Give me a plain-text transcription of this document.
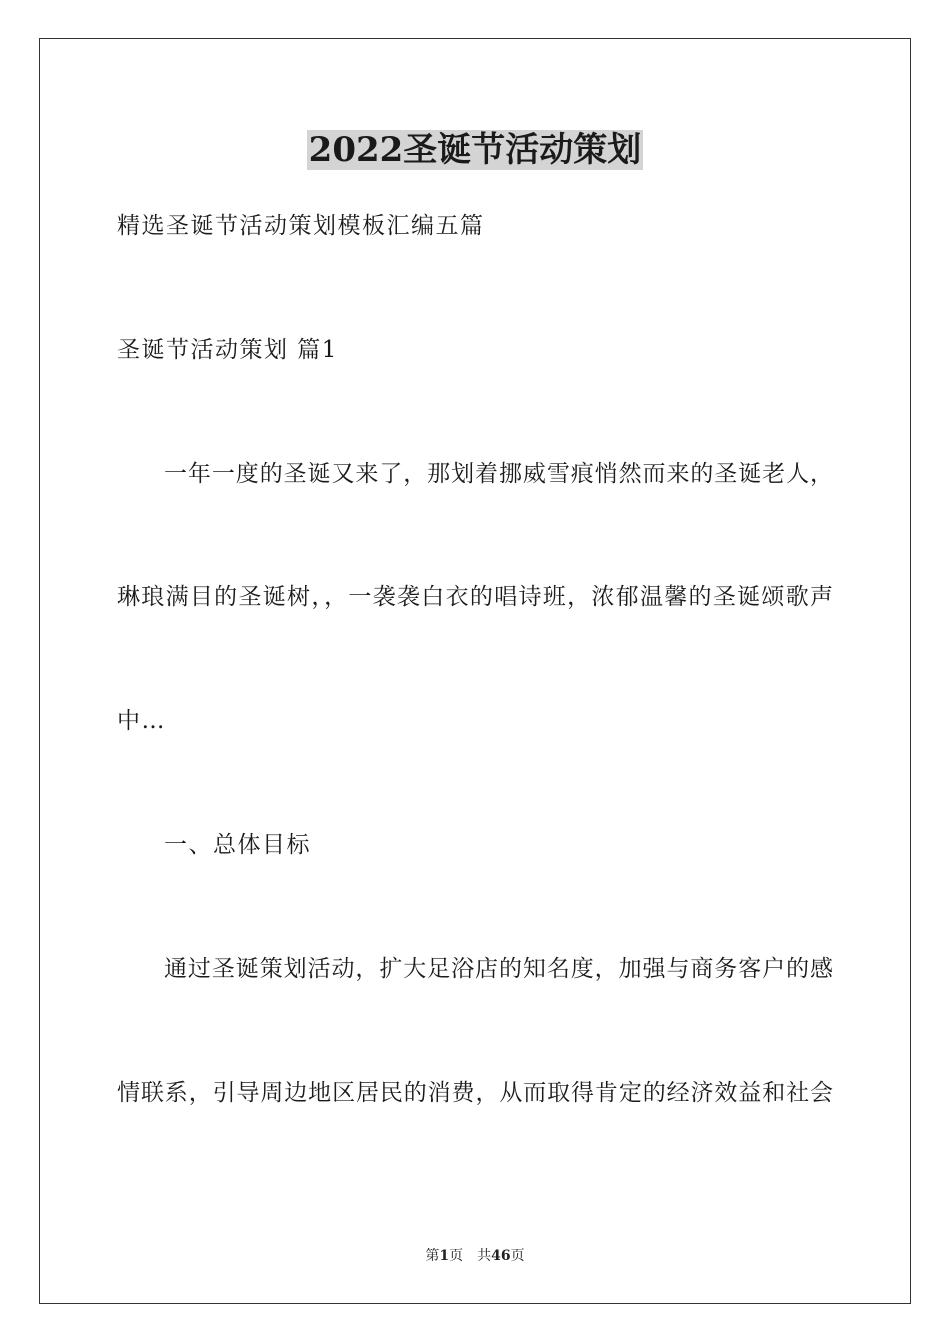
2022圣诞节活动策划
精选圣诞节活动策划模板汇编五篇
圣诞节活动策划 篇1
一年一度的圣诞又来了，那划着挪威雪痕悄然而来的圣诞老人，
琳琅满目的圣诞树，，一袭袭白衣的唱诗班，浓郁温馨的圣诞颂歌声
中…
一、总体目标
通过圣诞策划活动，扩大足浴店的知名度，加强与商务客户的感
情联系，引导周边地区居民的消费，从而取得肯定的经济效益和社会
第1页 共46页
